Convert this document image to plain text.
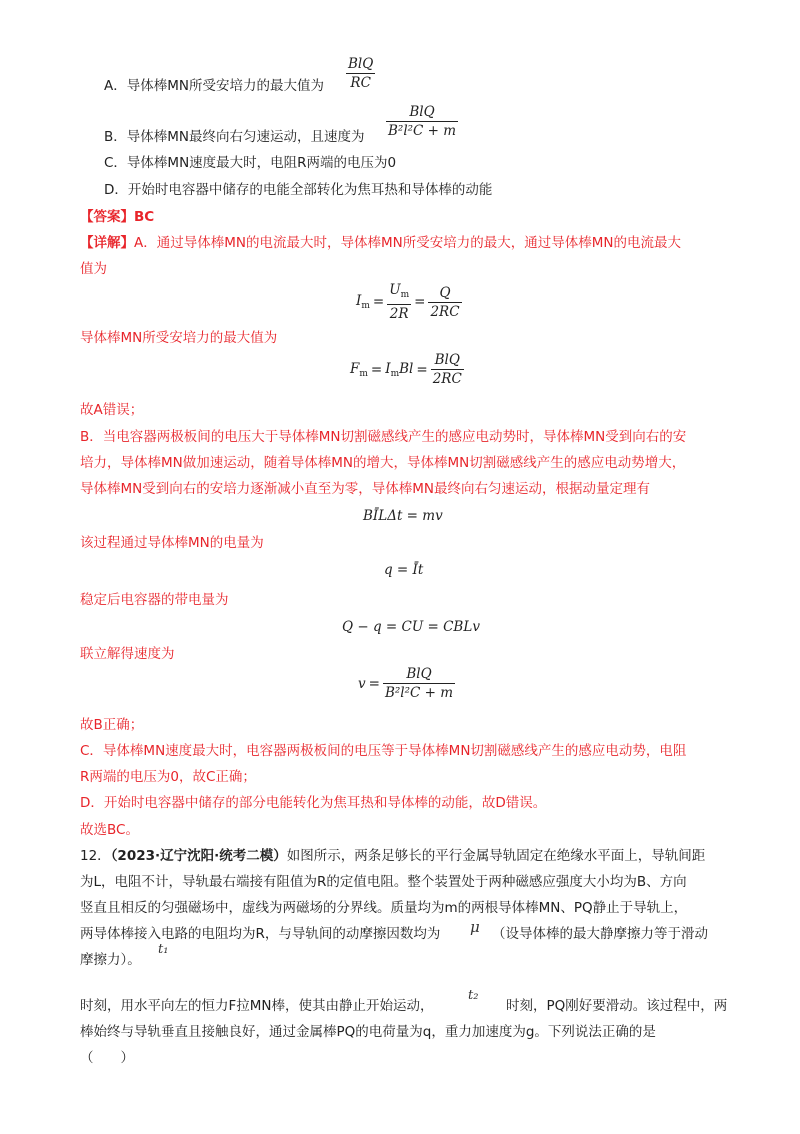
A．导体棒MN所受安培力的最大值为 $\frac{\text{BlQ}}{RC}$
B．导体棒MN最终向右匀速运动，且速度为 $\frac{\text{BlQ}}{\text{B²l²C + m}}$
C．导体棒MN速度最大时，电阻R两端的电压为0
D．开始时电容器中储存的电能全部转化为焦耳热和导体棒的动能
【答案】BC
【详解】A．通过导体棒MN的电流最大时，导体棒MN所受安培力的最大，通过导体棒MN的电流最大
值为
$I_m = \frac{U_m}{2R} = \frac{Q}{2RC}$
导体棒MN所受安培力的最大值为
$F_m = I_mBl = \frac{\text{BlQ}}{2RC}$
故A错误；
B．当电容器两极板间的电压大于导体棒MN切割磁感线产生的感应电动势时，导体棒MN受到向右的安
培力，导体棒MN做加速运动，随着导体棒MN的增大，导体棒MN切割磁感线产生的感应电动势增大，
导体棒MN受到向右的安培力逐渐减小直至为零，导体棒MN最终向右匀速运动，根据动量定理有
BĪLΔt = mv
该过程通过导体棒MN的电量为
q = Īt
稳定后电容器的带电量为
Q − q = CU = CBLv
联立解得速度为
$v = \frac{\text{BlQ}}{\text{B²l²C + m}}$
故B正确；
C．导体棒MN速度最大时，电容器两极板间的电压等于导体棒MN切割磁感线产生的感应电动势，电阻
R两端的电压为0，故C正确；
D．开始时电容器中储存的部分电能转化为焦耳热和导体棒的动能，故D错误。
故选BC。
12．（2023·辽宁沈阳·统考二模）如图所示，两条足够长的平行金属导轨固定在绝缘水平面上，导轨间距
为L，电阻不计，导轨最右端接有阻值为R的定值电阻。整个装置处于两种磁感应强度大小均为B、方向
竖直且相反的匀强磁场中，虚线为两磁场的分界线。质量均为m的两根导体棒MN、PQ静止于导轨上，
两导体棒接入电路的电阻均为R，与导轨间的动摩擦因数均为 μ （设导体棒的最大静摩擦力等于滑动
摩擦力）。
t₁
时刻，用水平向左的恒力F拉MN棒，使其由静止开始运动，
t₂
时刻，PQ刚好要滑动。该过程中，两
棒始终与导轨垂直且接触良好，通过金属棒PQ的电荷量为q，重力加速度为g。下列说法正确的是
（　　）
